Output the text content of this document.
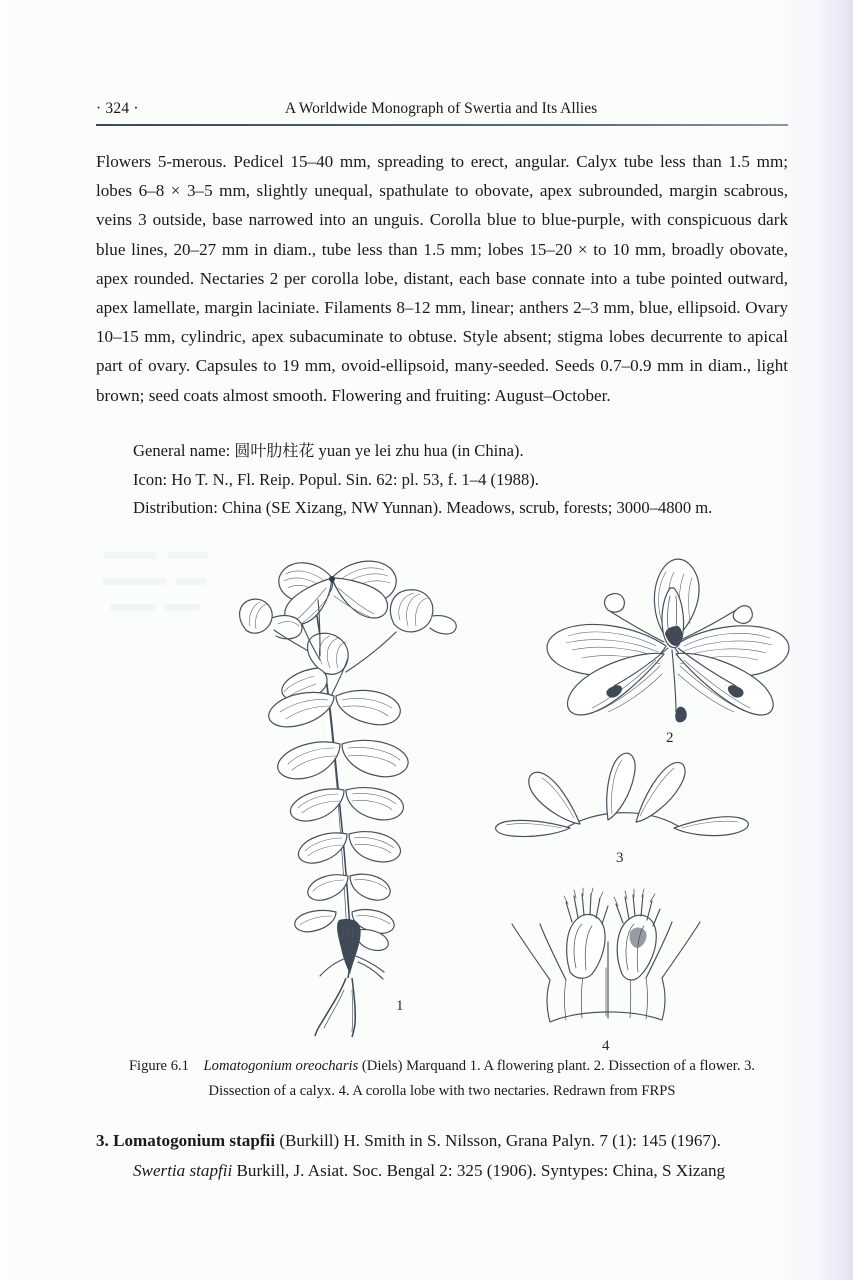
· 324 ·	A Worldwide Monograph of Swertia and Its Allies

Flowers 5-merous. Pedicel 15–40 mm, spreading to erect, angular. Calyx tube less than 1.5 mm; lobes 6–8 × 3–5 mm, slightly unequal, spathulate to obovate, apex subrounded, margin scabrous, veins 3 outside, base narrowed into an unguis. Corolla blue to blue-purple, with conspicuous dark blue lines, 20–27 mm in diam., tube less than 1.5 mm; lobes 15–20 × to 10 mm, broadly obovate, apex rounded. Nectaries 2 per corolla lobe, distant, each base connate into a tube pointed outward, apex lamellate, margin laciniate. Filaments 8–12 mm, linear; anthers 2–3 mm, blue, ellipsoid. Ovary 10–15 mm, cylindric, apex subacuminate to obtuse. Style absent; stigma lobes decurrente to apical part of ovary. Capsules to 19 mm, ovoid-ellipsoid, many-seeded. Seeds 0.7–0.9 mm in diam., light brown; seed coats almost smooth. Flowering and fruiting: August–October.

General name: 圆叶肋柱花 yuan ye lei zhu hua (in China).
Icon: Ho T. N., Fl. Reip. Popul. Sin. 62: pl. 53, f. 1–4 (1988).
Distribution: China (SE Xizang, NW Yunnan). Meadows, scrub, forests; 3000–4800 m.
1
2
3
4
Figure 6.1 Lomatogonium oreocharis (Diels) Marquand 1. A flowering plant. 2. Dissection of a flower. 3.
Dissection of a calyx. 4. A corolla lobe with two nectaries. Redrawn from FRPS
3. Lomatogonium stapfii (Burkill) H. Smith in S. Nilsson, Grana Palyn. 7 (1): 145 (1967).
Swertia stapfii Burkill, J. Asiat. Soc. Bengal 2: 325 (1906). Syntypes: China, S Xizang
